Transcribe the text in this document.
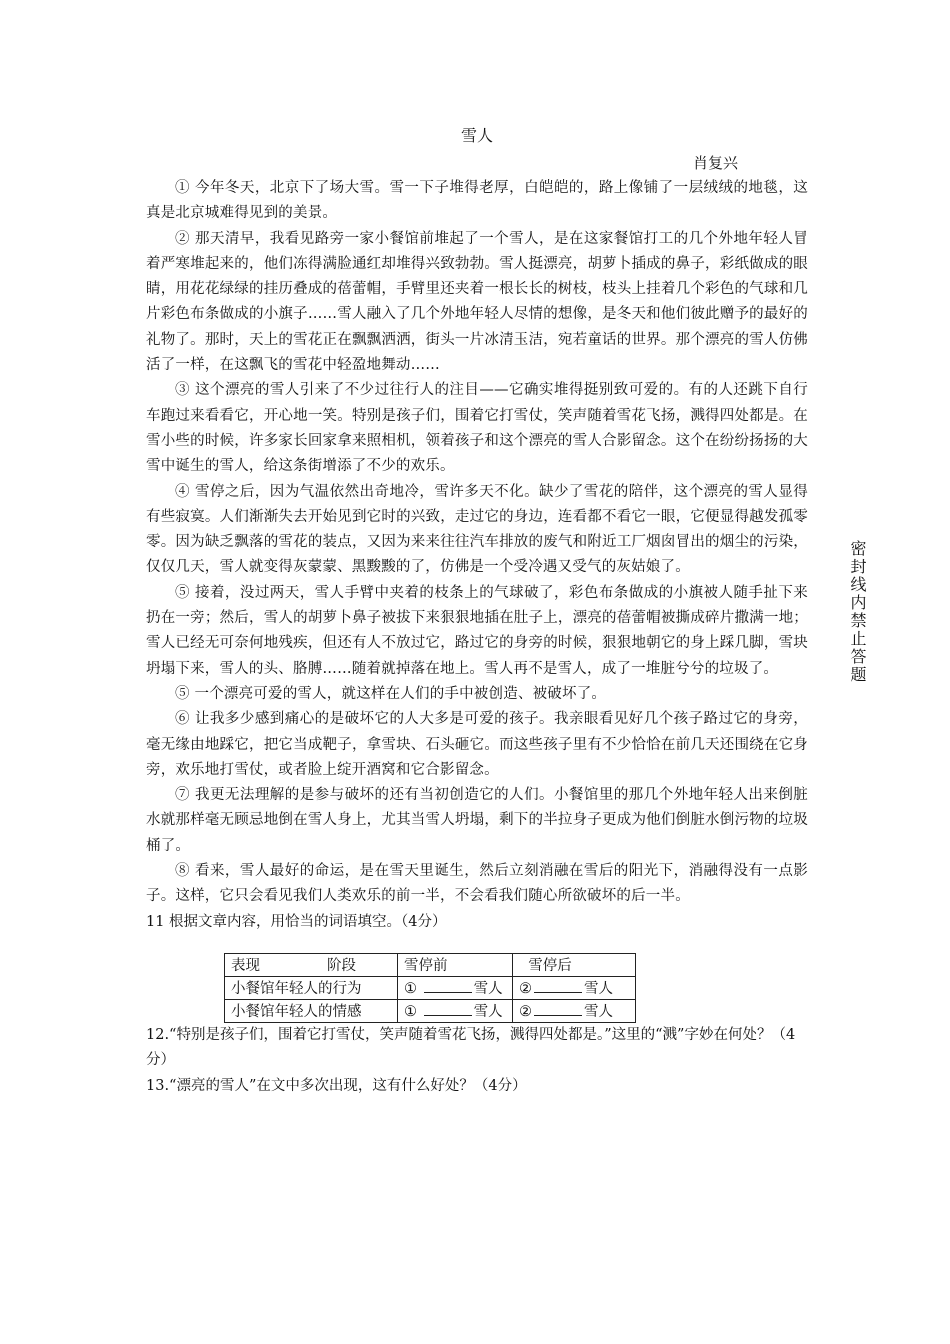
雪人

肖复兴

① 今年冬天，北京下了场大雪。雪一下子堆得老厚，白皑皑的，路上像铺了一层绒绒的地毯，这真是北京城难得见到的美景。

② 那天清早，我看见路旁一家小餐馆前堆起了一个雪人，是在这家餐馆打工的几个外地年轻人冒着严寒堆起来的，他们冻得满脸通红却堆得兴致勃勃。雪人挺漂亮，胡萝卜插成的鼻子，彩纸做成的眼睛，用花花绿绿的挂历叠成的蓓蕾帽，手臂里还夹着一根长长的树枝，枝头上挂着几个彩色的气球和几片彩色布条做成的小旗子……雪人融入了几个外地年轻人尽情的想像，是冬天和他们彼此赠予的最好的礼物了。那时，天上的雪花正在飘飘洒洒，街头一片冰清玉洁，宛若童话的世界。那个漂亮的雪人仿佛活了一样，在这飘飞的雪花中轻盈地舞动……

③ 这个漂亮的雪人引来了不少过往行人的注目——它确实堆得挺别致可爱的。有的人还跳下自行车跑过来看看它，开心地一笑。特别是孩子们，围着它打雪仗，笑声随着雪花飞扬，溅得四处都是。在雪小些的时候，许多家长回家拿来照相机，领着孩子和这个漂亮的雪人合影留念。这个在纷纷扬扬的大雪中诞生的雪人，给这条街增添了不少的欢乐。

④ 雪停之后，因为气温依然出奇地冷，雪许多天不化。缺少了雪花的陪伴，这个漂亮的雪人显得有些寂寞。人们渐渐失去开始见到它时的兴致，走过它的身边，连看都不看它一眼，它便显得越发孤零零。因为缺乏飘落的雪花的装点，又因为来来往往汽车排放的废气和附近工厂烟囱冒出的烟尘的污染，仅仅几天，雪人就变得灰蒙蒙、黑黢黢的了，仿佛是一个受冷遇又受气的灰姑娘了。

⑤ 接着，没过两天，雪人手臂中夹着的枝条上的气球破了，彩色布条做成的小旗被人随手扯下来扔在一旁；然后，雪人的胡萝卜鼻子被拔下来狠狠地插在肚子上，漂亮的蓓蕾帽被撕成碎片撒满一地；雪人已经无可奈何地残疾，但还有人不放过它，路过它的身旁的时候，狠狠地朝它的身上踩几脚，雪块坍塌下来，雪人的头、胳膊……随着就掉落在地上。雪人再不是雪人，成了一堆脏兮兮的垃圾了。

⑤ 一个漂亮可爱的雪人，就这样在人们的手中被创造、被破坏了。

⑥ 让我多少感到痛心的是破坏它的人大多是可爱的孩子。我亲眼看见好几个孩子路过它的身旁，毫无缘由地踩它，把它当成靶子，拿雪块、石头砸它。而这些孩子里有不少恰恰在前几天还围绕在它身旁，欢乐地打雪仗，或者脸上绽开酒窝和它合影留念。

⑦ 我更无法理解的是参与破坏的还有当初创造它的人们。小餐馆里的那几个外地年轻人出来倒脏水就那样毫无顾忌地倒在雪人身上，尤其当雪人坍塌，剩下的半拉身子更成为他们倒脏水倒污物的垃圾桶了。

⑧ 看来，雪人最好的命运，是在雪天里诞生，然后立刻消融在雪后的阳光下，消融得没有一点影子。这样，它只会看见我们人类欢乐的前一半，不会看我们随心所欲破坏的后一半。

11 根据文章内容，用恰当的词语填空。（4分）

表现 阶段	雪停前	雪停后
小餐馆年轻人的行为	① 雪人	② 雪人
小餐馆年轻人的情感	① 雪人	② 雪人

12.“特别是孩子们，围着它打雪仗，笑声随着雪花飞扬，溅得四处都是。”这里的“溅”字妙在何处？（4分）

13.“漂亮的雪人”在文中多次出现，这有什么好处？（4分）

密封线内禁止答题
